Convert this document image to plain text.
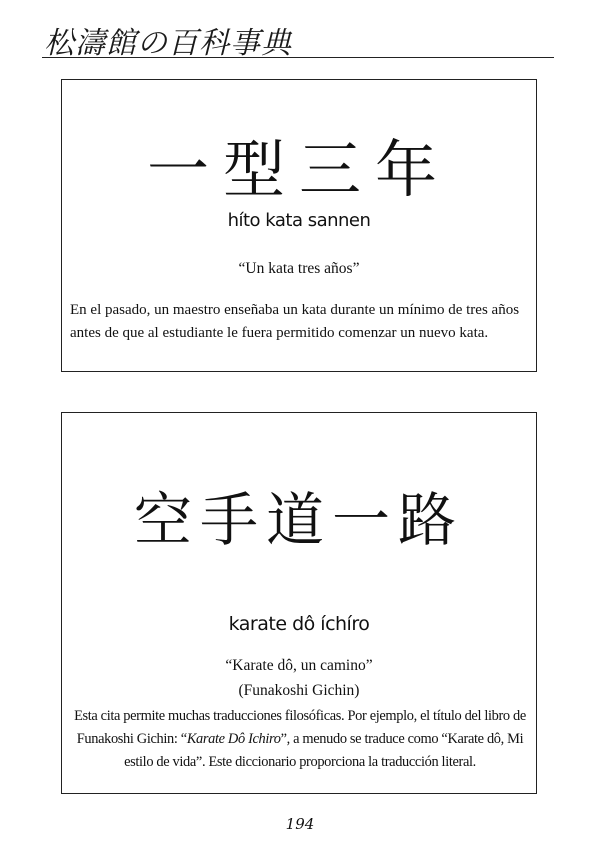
松濤館の百科事典
一型三年
híto kata sannen
“Un kata tres años”
En el pasado, un maestro enseñaba un kata durante un mínimo de tres años antes de que al estudiante le fuera permitido comenzar un nuevo kata.
空手道一路
karate dô íchíro
“Karate dô, un camino”
(Funakoshi Gichin)
Esta cita permite muchas traducciones filosóficas. Por ejemplo, el título del libro de Funakoshi Gichin: “Karate Dô Ichiro”, a menudo se traduce como “Karate dô, Mi estilo de vida”. Este diccionario proporciona la traducción literal.
194
